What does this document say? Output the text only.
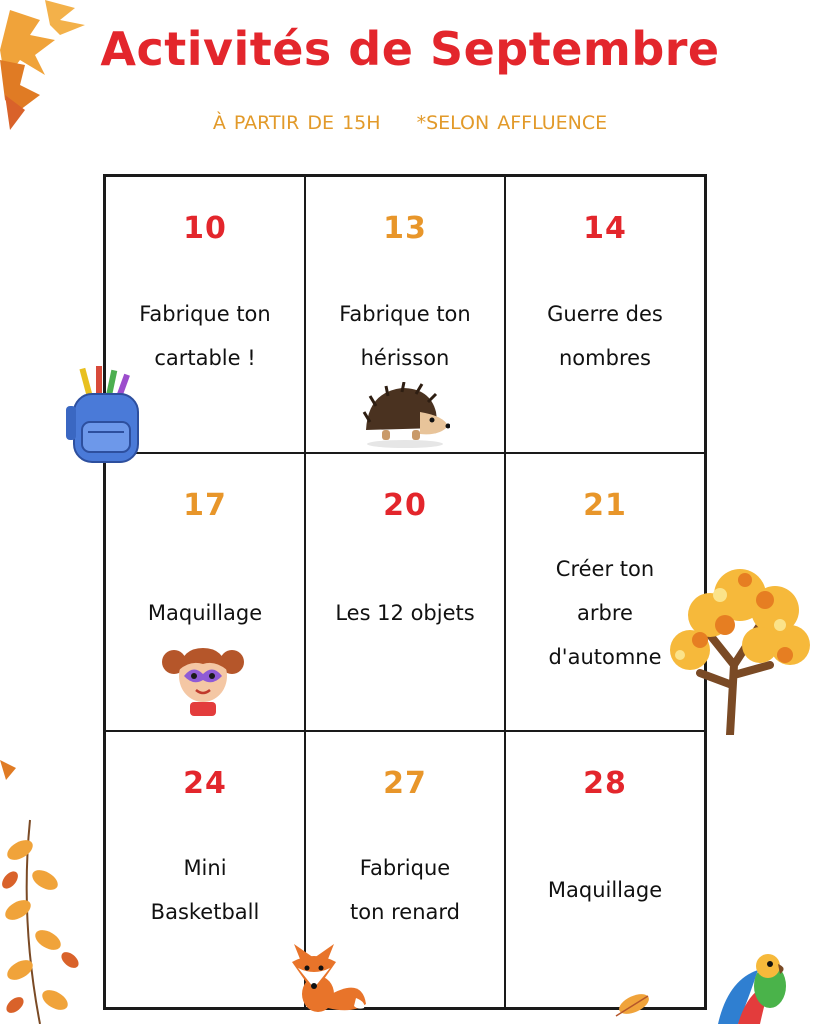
Activités de Septembre
À PARTIR DE 15H *SELON AFFLUENCE
10
Fabrique ton
cartable !
13
Fabrique ton
hérisson
14
Guerre des
nombres
17
Maquillage
20
Les 12 objets
21
Créer ton
arbre
d'automne
24
Mini
Basketball
27
Fabrique
ton renard
28
Maquillage
